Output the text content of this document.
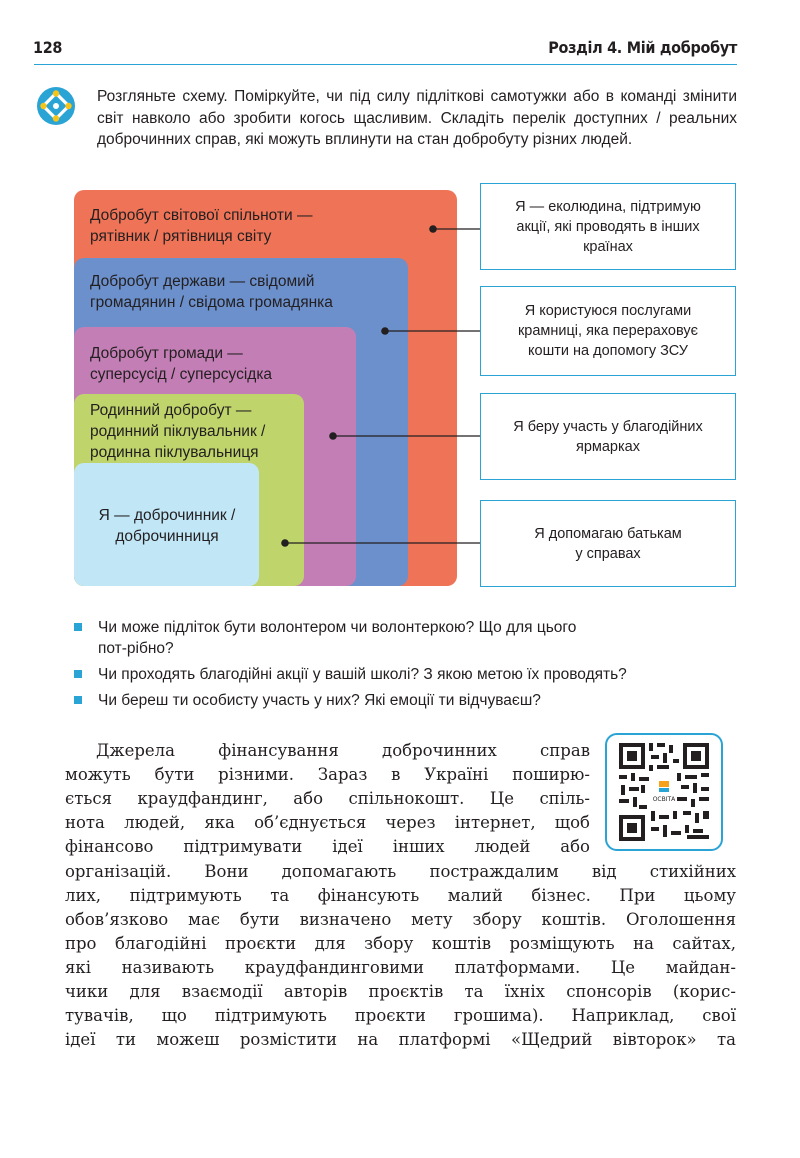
128	Розділ 4. Мій добробут
Розгляньте схему. Поміркуйте, чи під силу підліткові самотужки або в команді змінити світ навколо або зробити когось щасливим. Складіть перелік доступних / реальних доброчинних справ, які можуть вплинути на стан добробуту різних людей.
Добробут світової спільноти —
рятівник / рятівниця світу
Добробут держави — свідомий
громадянин / свідома громадянка
Добробут громади —
суперсусід / суперсусідка
Родинний добробут —
родинний піклувальник /
родинна піклувальниця
Я — доброчинник /
доброчинниця
Я — еколюдина, підтримую
акції, які проводять в інших
країнах
Я користуюся послугами
крамниці, яка перераховує
кошти на допомогу ЗСУ
Я беру участь у благодійних
ярмарках
Я допомагаю батькам
у справах
Чи може підліток бути волонтером чи волонтеркою? Що для цього
пот-рібно?
Чи проходять благодійні акції у вашій школі? З якою метою їх проводять?
Чи береш ти особисту участь у них? Які емоції ти відчуваєш?
ОСВІТА
Джерела фінансування доброчинних справ
можуть бути різними. Зараз в Україні поширю-
ється краудфандинг, або спільнокошт. Це спіль-
нота людей, яка об’єднується через інтернет, щоб
фінансово підтримувати ідеї інших людей або
організацій. Вони допомагають постраждалим від стихійних
лих, підтримують та фінансують малий бізнес. При цьому
обов’язково має бути визначено мету збору коштів. Оголошення
про благодійні проєкти для збору коштів розміщують на сайтах,
які називають краудфандинговими платформами. Це майдан-
чики для взаємодії авторів проєктів та їхніх спонсорів (корис-
тувачів, що підтримують проєкти грошима). Наприклад, свої
ідеї ти можеш розмістити на платформі «Щедрий вівторок» та
